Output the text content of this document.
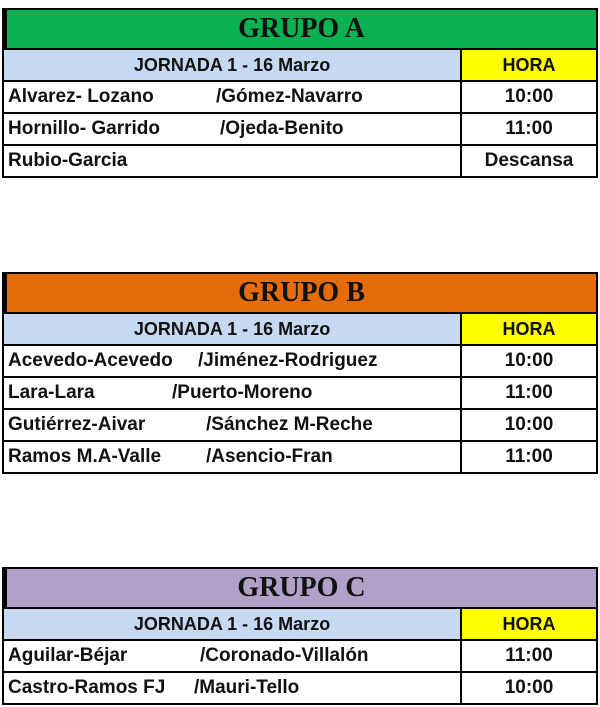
GRUPO A
JORNADA 1 - 16 Marzo	HORA
Alvarez- Lozano	/Gómez-Navarro	10:00
Hornillo- Garrido	/Ojeda-Benito	11:00
Rubio-Garcia	Descansa
GRUPO B
JORNADA 1 - 16 Marzo	HORA
Acevedo-Acevedo /Jiménez-Rodriguez	10:00
Lara-Lara	/Puerto-Moreno	11:00
Gutiérrez-Aivar	/Sánchez M-Reche	10:00
Ramos M.A-Valle /Asencio-Fran	11:00
GRUPO C
JORNADA 1 - 16 Marzo	HORA
Aguilar-Béjar	/Coronado-Villalón	11:00
Castro-Ramos FJ /Mauri-Tello	10:00
